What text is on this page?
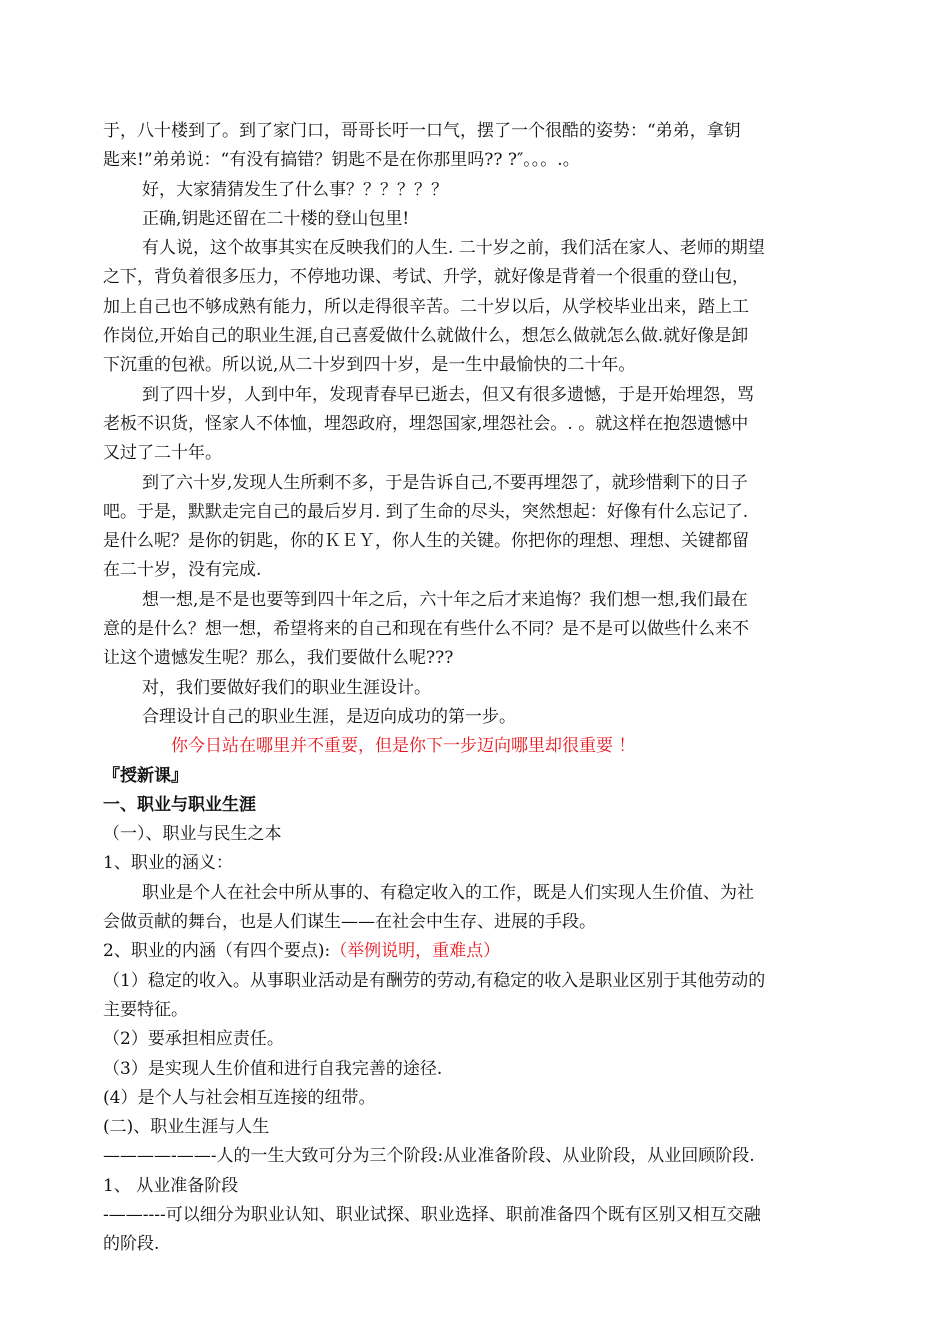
于，八十楼到了。到了家门口，哥哥长吁一口气，摆了一个很酷的姿势：“弟弟，拿钥

匙来!”弟弟说：“有没有搞错？钥匙不是在你那里吗?? ?″。。。.。

好，大家猜猜发生了什么事？？？？？？

正确,钥匙还留在二十楼的登山包里!

有人说，这个故事其实在反映我们的人生. 二十岁之前，我们活在家人、老师的期望

之下，背负着很多压力，不停地功课、考试、升学，就好像是背着一个很重的登山包，

加上自己也不够成熟有能力，所以走得很辛苦。二十岁以后，从学校毕业出来，踏上工

作岗位,开始自己的职业生涯,自己喜爱做什么就做什么，想怎么做就怎么做.就好像是卸

下沉重的包袱。所以说,从二十岁到四十岁，是一生中最愉快的二十年。

到了四十岁，人到中年，发现青春早已逝去，但又有很多遗憾，于是开始埋怨，骂

老板不识货，怪家人不体恤，埋怨政府，埋怨国家,埋怨社会。. 。就这样在抱怨遗憾中

又过了二十年。

到了六十岁,发现人生所剩不多，于是告诉自己,不要再埋怨了，就珍惜剩下的日子

吧。于是，默默走完自己的最后岁月. 到了生命的尽头，突然想起：好像有什么忘记了.

是什么呢？是你的钥匙，你的ＫＥＹ，你人生的关键。你把你的理想、理想、关键都留

在二十岁，没有完成.

想一想,是不是也要等到四十年之后，六十年之后才来追悔？我们想一想,我们最在

意的是什么？想一想，希望将来的自己和现在有些什么不同？是不是可以做些什么来不

让这个遗憾发生呢？那么，我们要做什么呢???

对，我们要做好我们的职业生涯设计。

合理设计自己的职业生涯，是迈向成功的第一步。

你今日站在哪里并不重要，但是你下一步迈向哪里却很重要 ！

『授新课』

一、职业与职业生涯

（一）、职业与民生之本

1、职业的涵义：

职业是个人在社会中所从事的、有稳定收入的工作，既是人们实现人生价值、为社

会做贡献的舞台，也是人们谋生——在社会中生存、进展的手段。

2、职业的内涵（有四个要点):（举例说明，重难点）

（1）稳定的收入。从事职业活动是有酬劳的劳动,有稳定的收入是职业区别于其他劳动的

主要特征。

（2）要承担相应责任。

（3）是实现人生价值和进行自我完善的途径.

(4）是个人与社会相互连接的纽带。

(二)、职业生涯与人生

————-——-人的一生大致可分为三个阶段:从业准备阶段、从业阶段，从业回顾阶段.

1、 从业准备阶段

-——----可以细分为职业认知、职业试探、职业选择、职前准备四个既有区别又相互交融

的阶段.
